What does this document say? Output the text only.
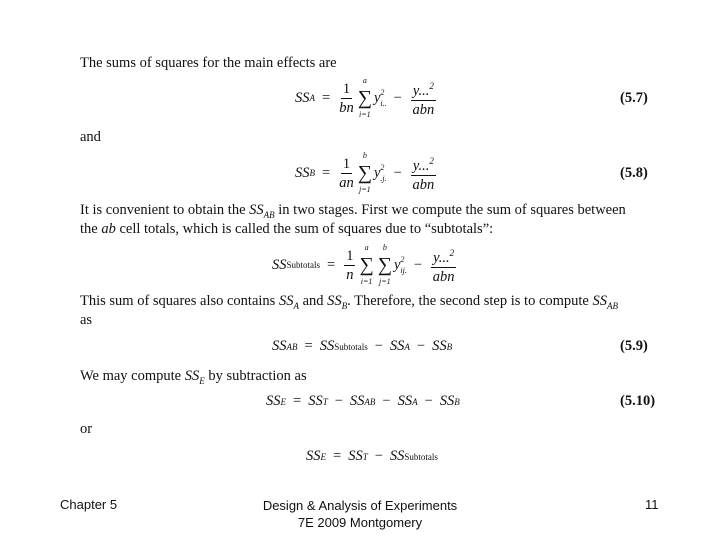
The sums of squares for the main effects are
SS $A = \frac{1}{bn}$ a
∑
i=1
y 2
i.. − $\frac{y...^2}{\text{abn}}$	(5.7)
and
SS $B = \frac{1}{an}$ b
∑
j=1
y 2
.j. − $\frac{y...^2}{\text{abn}}$	(5.8)
It is convenient to obtain the $SS_{AB}$ in two stages. First we compute the sum of squares between
the ab cell totals, which is called the sum of squares due to “subtotals”:
SS Subtotals = $\frac{1}{n}$ a
∑
i=1
b
∑
j=1
y 2
ij. − $\frac{y...^2}{\text{abn}}$
This sum of squares also contains $SS_A$ and $SS_B$. Therefore, the second step is to compute $SS_{AB}$
as
SS AB = SS Subtotals − SS A − SS B	(5.9)
We may compute $SS_E$ by subtraction as
SS E = SS T − SS AB − SS A − SS B	(5.10)
or
SS E = SS T − SS Subtotals
Chapter 5	Design & Analysis of Experiments
7E 2009 Montgomery
11
